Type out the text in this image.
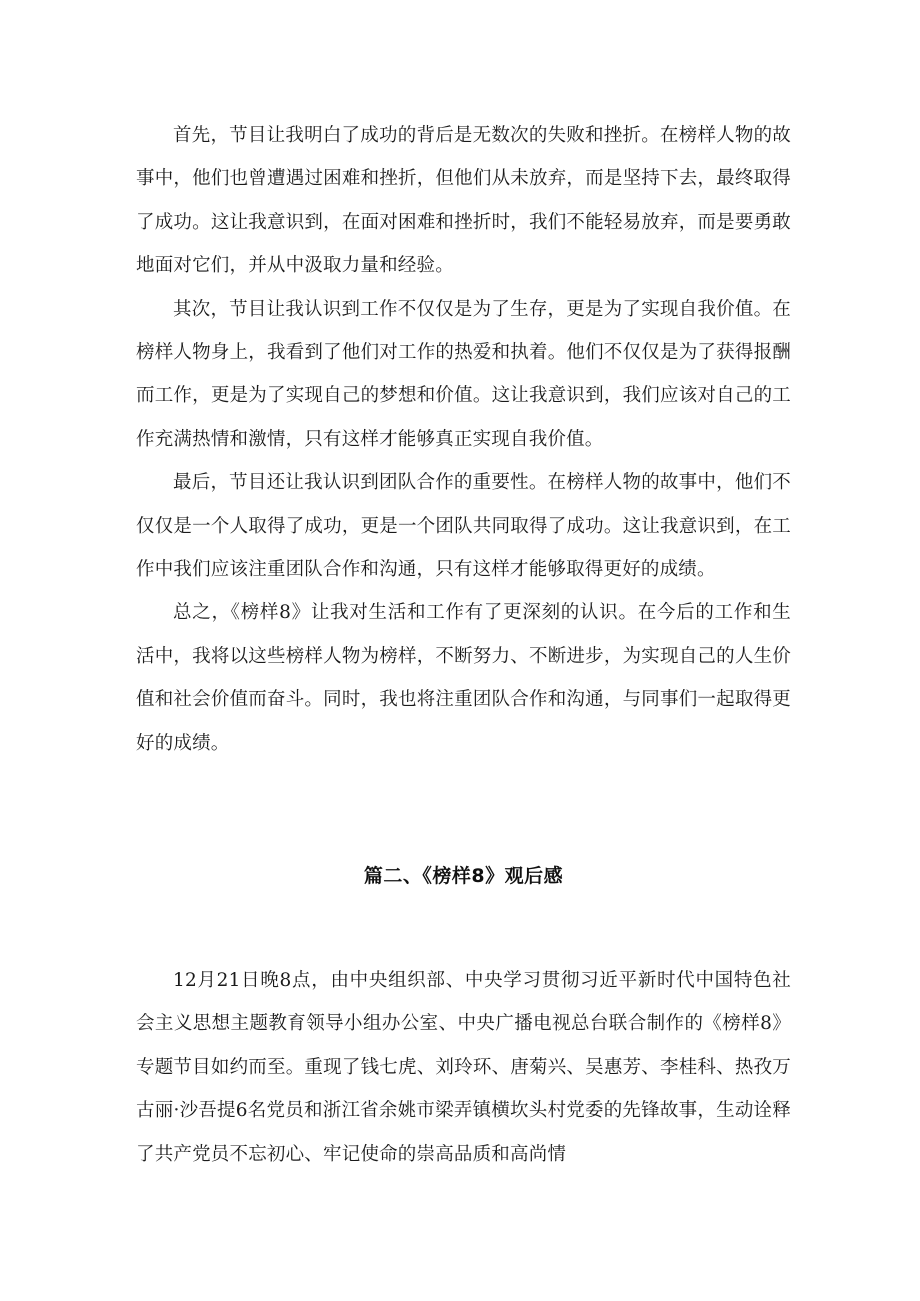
首先，节目让我明白了成功的背后是无数次的失败和挫折。在榜样人物的故事中，他们也曾遭遇过困难和挫折，但他们从未放弃，而是坚持下去，最终取得了成功。这让我意识到，在面对困难和挫折时，我们不能轻易放弃，而是要勇敢地面对它们，并从中汲取力量和经验。

其次，节目让我认识到工作不仅仅是为了生存，更是为了实现自我价值。在榜样人物身上，我看到了他们对工作的热爱和执着。他们不仅仅是为了获得报酬而工作，更是为了实现自己的梦想和价值。这让我意识到，我们应该对自己的工作充满热情和激情，只有这样才能够真正实现自我价值。

最后，节目还让我认识到团队合作的重要性。在榜样人物的故事中，他们不仅仅是一个人取得了成功，更是一个团队共同取得了成功。这让我意识到，在工作中我们应该注重团队合作和沟通，只有这样才能够取得更好的成绩。

总之，《榜样8》让我对生活和工作有了更深刻的认识。在今后的工作和生活中，我将以这些榜样人物为榜样，不断努力、不断进步，为实现自己的人生价值和社会价值而奋斗。同时，我也将注重团队合作和沟通，与同事们一起取得更好的成绩。

篇二、《榜样8》观后感

12月21日晚8点，由中央组织部、中央学习贯彻习近平新时代中国特色社会主义思想主题教育领导小组办公室、中央广播电视总台联合制作的《榜样8》专题节目如约而至。重现了钱七虎、刘玲环、唐菊兴、吴惠芳、李桂科、热孜万古丽·沙吾提6名党员和浙江省余姚市梁弄镇横坎头村党委的先锋故事，生动诠释了共产党员不忘初心、牢记使命的崇高品质和高尚情
